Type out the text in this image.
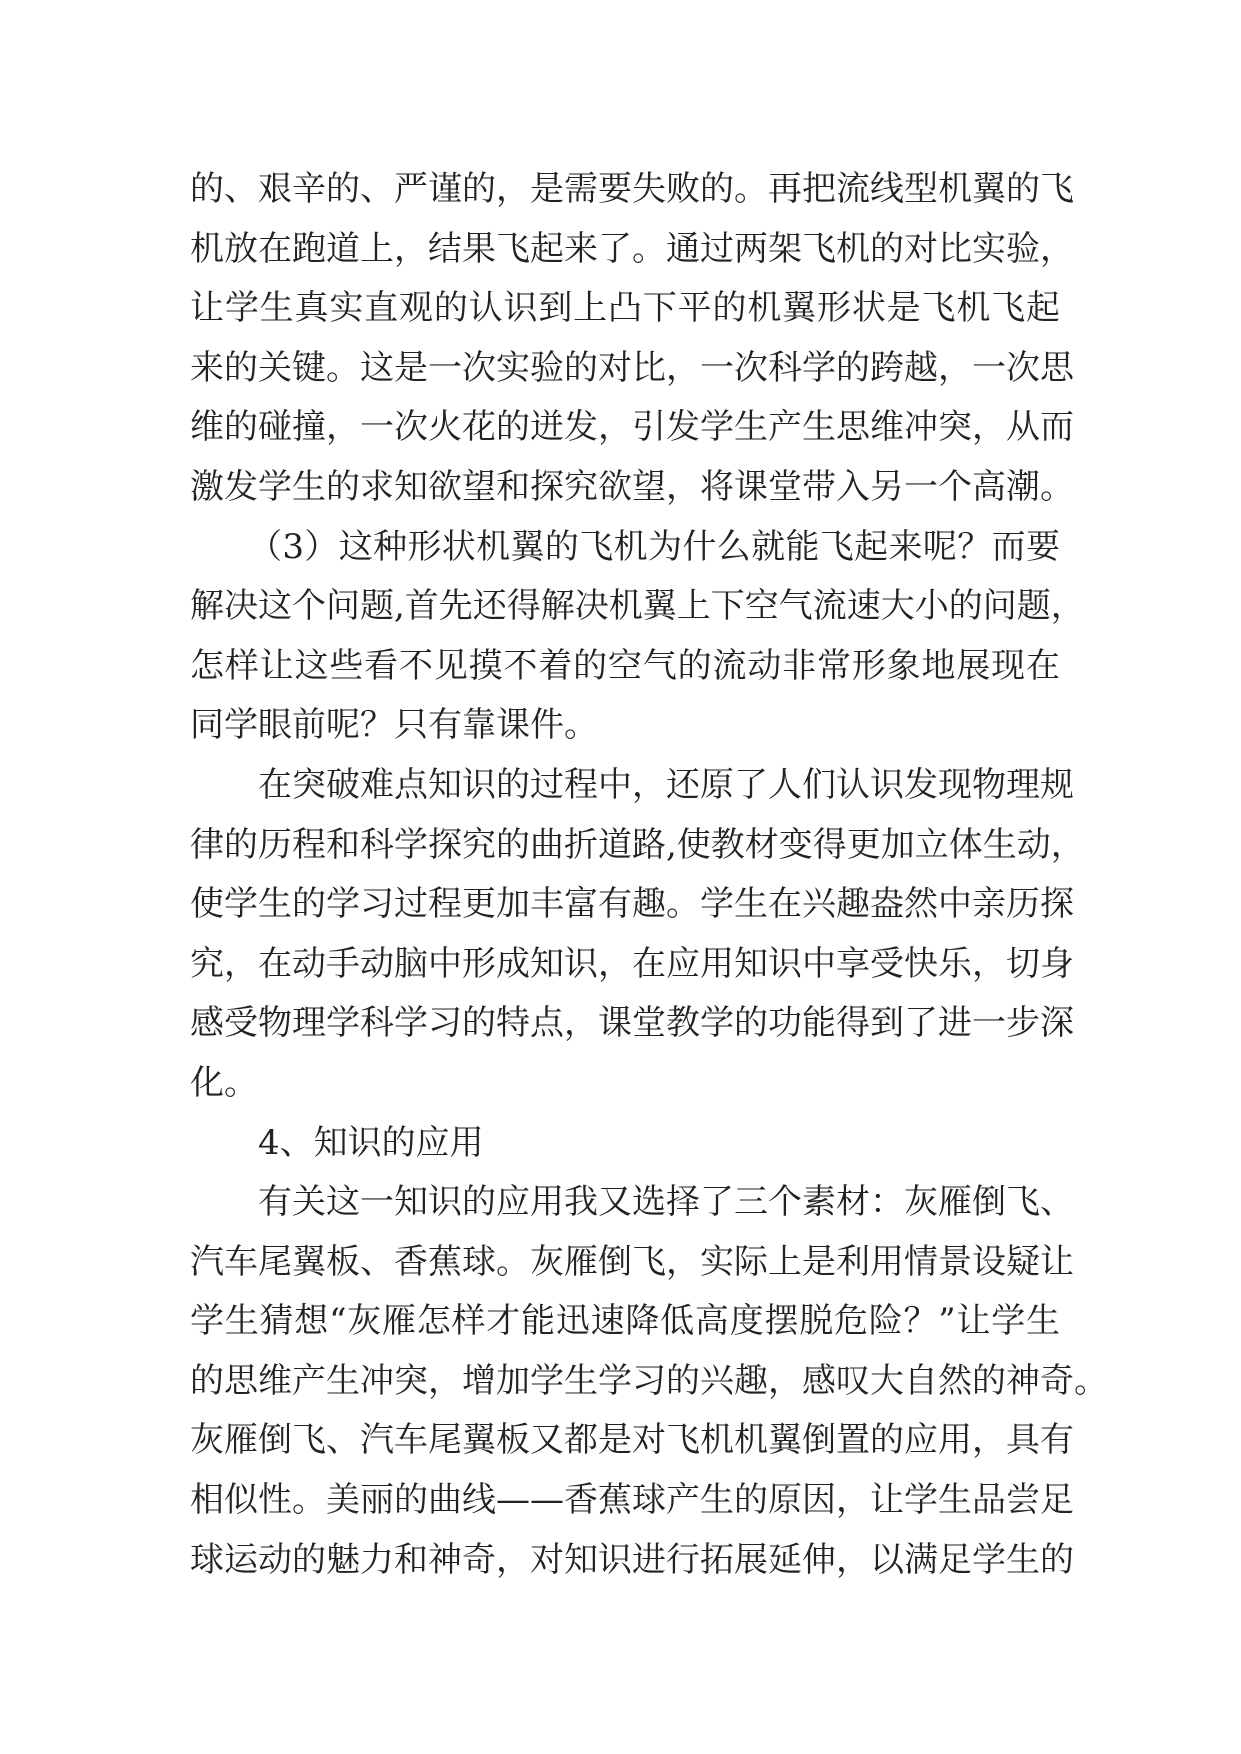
的、艰辛的、严谨的，是需要失败的。再把流线型机翼的飞
机放在跑道上，结果飞起来了。通过两架飞机的对比实验，
让学生真实直观的认识到上凸下平的机翼形状是飞机飞起
来的关键。这是一次实验的对比，一次科学的跨越，一次思
维的碰撞，一次火花的迸发，引发学生产生思维冲突，从而
激发学生的求知欲望和探究欲望，将课堂带入另一个高潮。
（3）这种形状机翼的飞机为什么就能飞起来呢？而要
解决这个问题,首先还得解决机翼上下空气流速大小的问题，
怎样让这些看不见摸不着的空气的流动非常形象地展现在
同学眼前呢？只有靠课件。
在突破难点知识的过程中，还原了人们认识发现物理规
律的历程和科学探究的曲折道路,使教材变得更加立体生动，
使学生的学习过程更加丰富有趣。学生在兴趣盎然中亲历探
究，在动手动脑中形成知识，在应用知识中享受快乐，切身
感受物理学科学习的特点，课堂教学的功能得到了进一步深
化。
4、知识的应用
有关这一知识的应用我又选择了三个素材：灰雁倒飞、
汽车尾翼板、香蕉球。灰雁倒飞，实际上是利用情景设疑让
学生猜想“灰雁怎样才能迅速降低高度摆脱危险？”让学生
的思维产生冲突，增加学生学习的兴趣，感叹大自然的神奇。
灰雁倒飞、汽车尾翼板又都是对飞机机翼倒置的应用，具有
相似性。美丽的曲线——香蕉球产生的原因，让学生品尝足
球运动的魅力和神奇，对知识进行拓展延伸，以满足学生的
